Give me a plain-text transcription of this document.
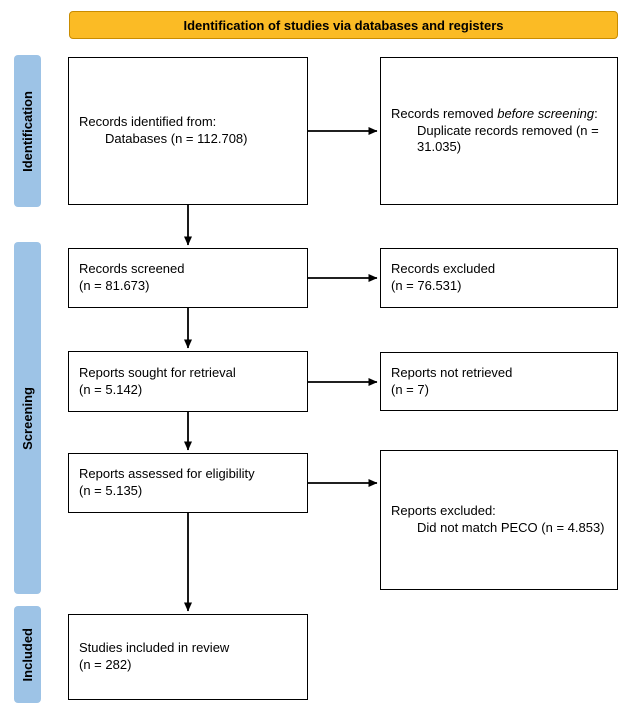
Identification of studies via databases and registers
Identification
Screening
Included

Records identified from:

Databases (n = 112.708)

Records removed before screening:

Duplicate records removed (n = 31.035)

Records screened

(n = 81.673)

Records excluded

(n = 76.531)

Reports sought for retrieval

(n = 5.142)

Reports not retrieved

(n = 7)

Reports assessed for eligibility

(n = 5.135)

Reports excluded:

Did not match PECO (n = 4.853)

Studies included in review

(n = 282)
